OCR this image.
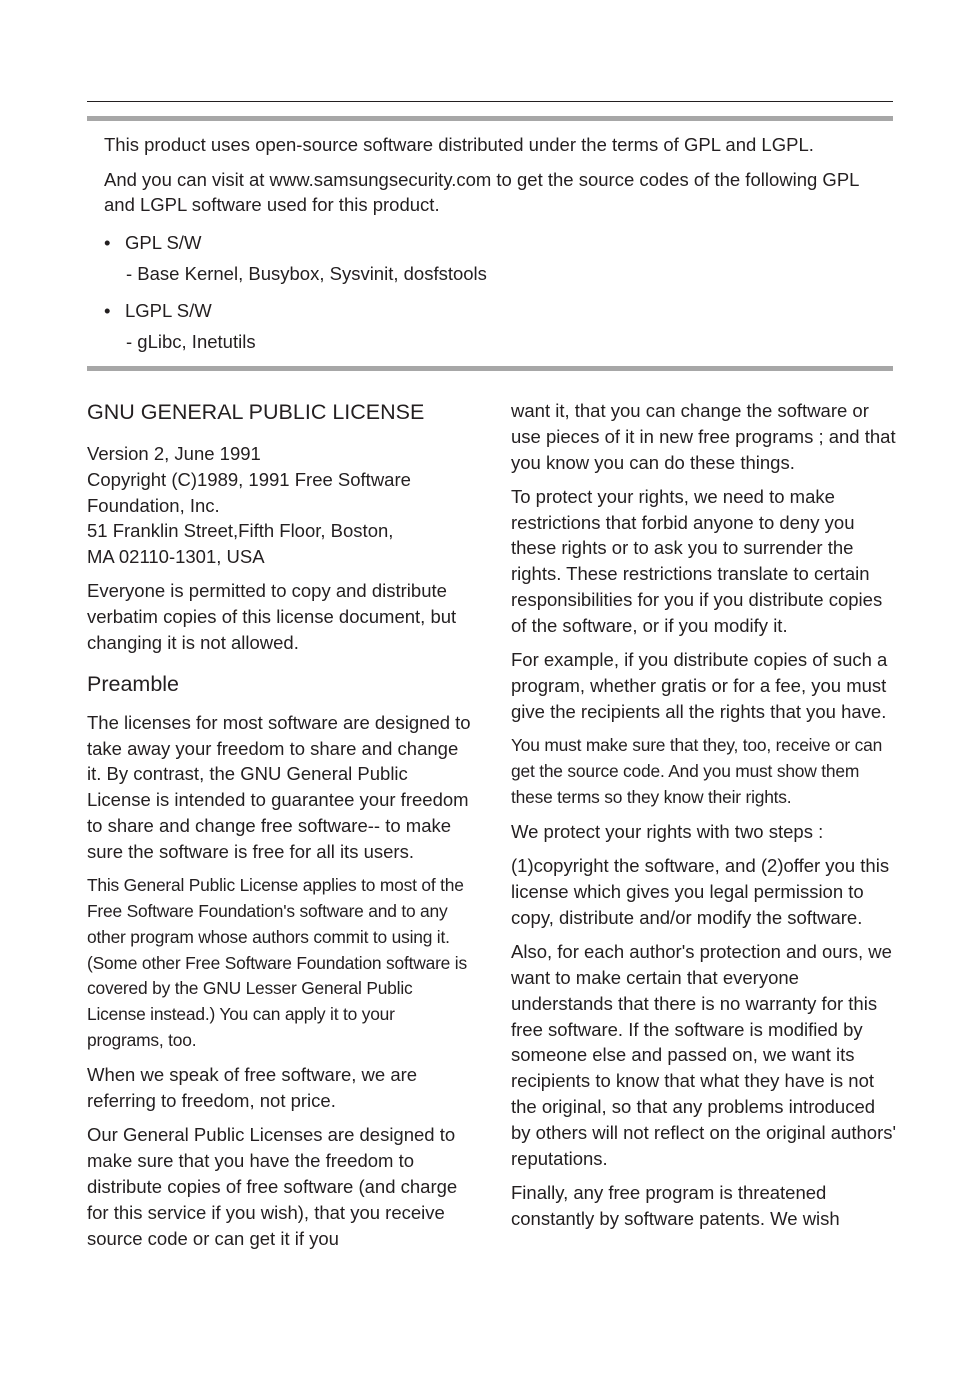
This product uses open-source software distributed under the terms of GPL and LGPL.

And you can visit at www.samsungsecurity.com to get the source codes of the following GPL and LGPL software used for this product.

• GPL S/W
- Base Kernel, Busybox, Sysvinit, dosfstools
• LGPL S/W
- gLibc, Inetutils
GNU GENERAL PUBLIC LICENSE
Version 2, June 1991
Copyright (C)1989, 1991 Free Software
Foundation, Inc.
51 Franklin Street,Fifth Floor, Boston,
MA 02110-1301, USA

Everyone is permitted to copy and distribute verbatim copies of this license document, but changing it is not allowed.

Preamble

The licenses for most software are designed to take away your freedom to share and change it. By contrast, the GNU General Public License is intended to guarantee your freedom to share and change free software-- to make sure the software is free for all its users.

This General Public License applies to most of the Free Software Foundation's software and to any other program whose authors commit to using it. (Some other Free Software Foundation software is covered by the GNU Lesser General Public License instead.) You can apply it to your programs, too.

When we speak of free software, we are referring to freedom, not price.

Our General Public Licenses are designed to make sure that you have the freedom to distribute copies of free software (and charge for this service if you wish), that you receive source code or can get it if you

want it, that you can change the software or use pieces of it in new free programs ; and that you know you can do these things.

To protect your rights, we need to make restrictions that forbid anyone to deny you these rights or to ask you to surrender the rights. These restrictions translate to certain responsibilities for you if you distribute copies of the software, or if you modify it.

For example, if you distribute copies of such a program, whether gratis or for a fee, you must give the recipients all the rights that you have.

You must make sure that they, too, receive or can get the source code. And you must show them these terms so they know their rights.

We protect your rights with two steps :

(1)copyright the software, and (2)offer you this license which gives you legal permission to copy, distribute and/or modify the software.

Also, for each author's protection and ours, we want to make certain that everyone understands that there is no warranty for this free software. If the software is modified by someone else and passed on, we want its recipients to know that what they have is not the original, so that any problems introduced by others will not reflect on the original authors' reputations.

Finally, any free program is threatened constantly by software patents. We wish
